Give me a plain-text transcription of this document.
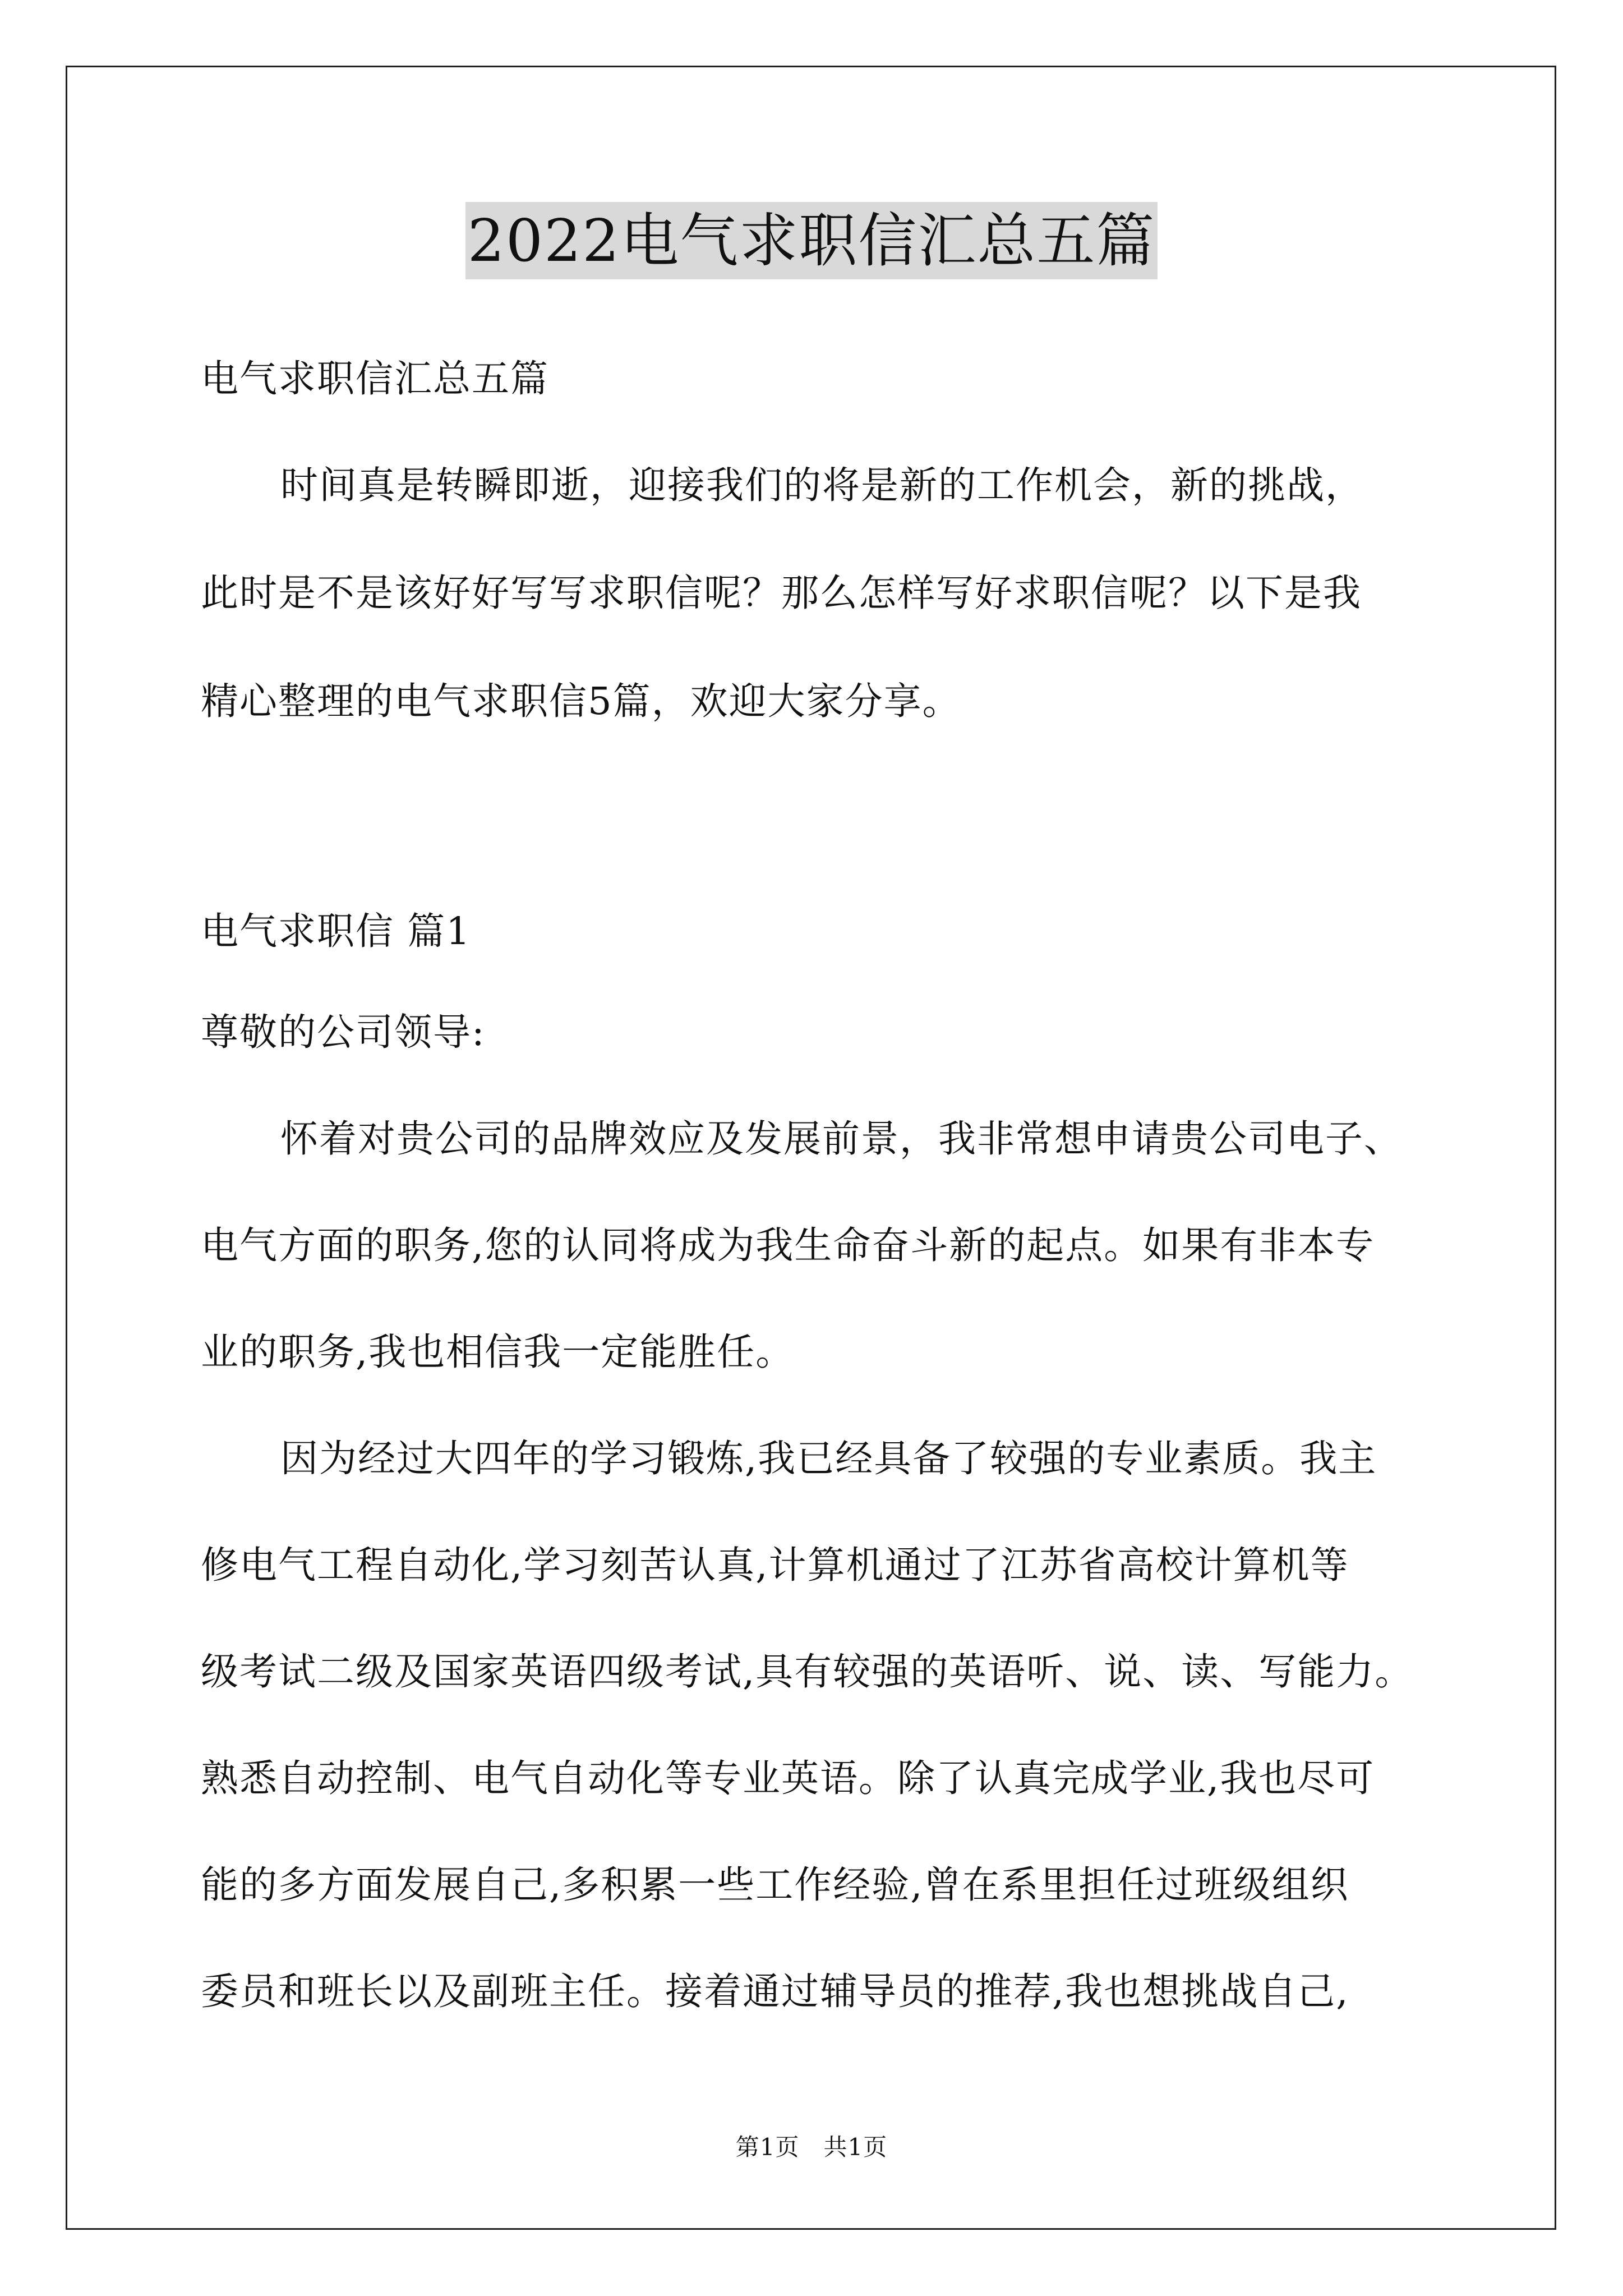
2022电气求职信汇总五篇
电气求职信汇总五篇
时间真是转瞬即逝，迎接我们的将是新的工作机会，新的挑战，
此时是不是该好好写写求职信呢？那么怎样写好求职信呢？以下是我
精心整理的电气求职信5篇，欢迎大家分享。
电气求职信 篇1
尊敬的公司领导:
怀着对贵公司的品牌效应及发展前景，我非常想申请贵公司电子、
电气方面的职务,您的认同将成为我生命奋斗新的起点。如果有非本专
业的职务,我也相信我一定能胜任。
因为经过大四年的学习锻炼,我已经具备了较强的专业素质。我主
修电气工程自动化,学习刻苦认真,计算机通过了江苏省高校计算机等
级考试二级及国家英语四级考试,具有较强的英语听、说、读、写能力。
熟悉自动控制、电气自动化等专业英语。除了认真完成学业,我也尽可
能的多方面发展自己,多积累一些工作经验,曾在系里担任过班级组织
委员和班长以及副班主任。接着通过辅导员的推荐,我也想挑战自己,
第1页　共1页
